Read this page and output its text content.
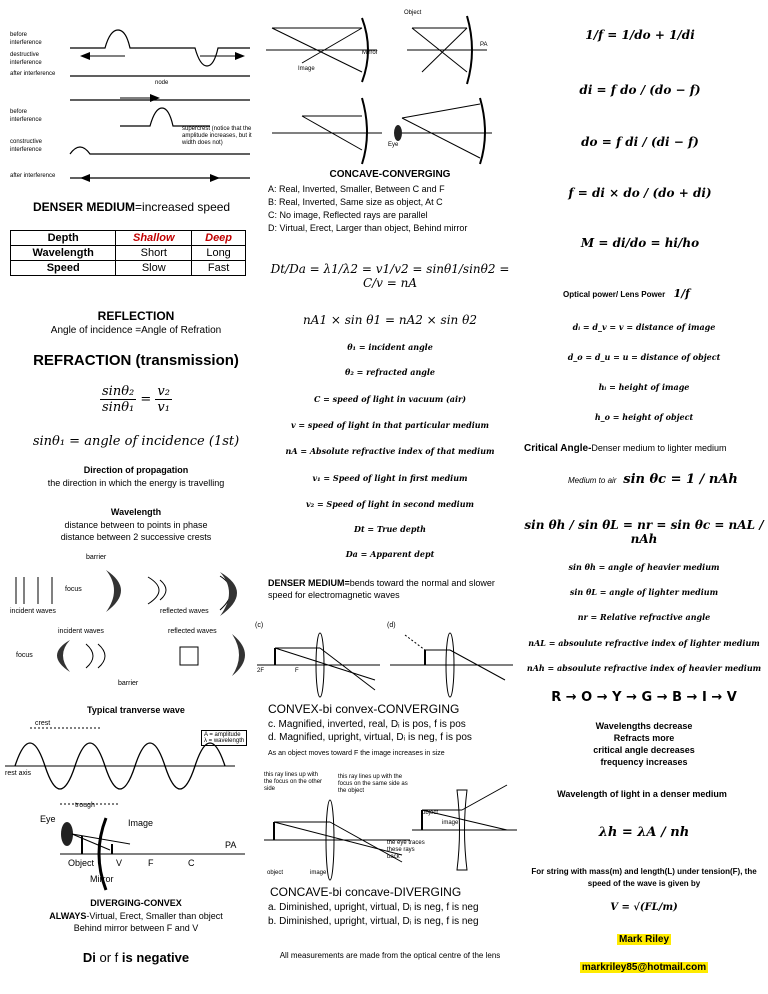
before interference
destructive interference
after interference
before interference
constructive interference
after interference
node
supercrest (notice that the amplitude increases, but it width does not)
DENSER MEDIUM=increased speed
Depth	Shallow	Deep
Wavelength	Short	Long
Speed	Slow	Fast
REFLECTION
Angle of incidence =Angle of Refration
REFRACTION (transmission)
$\frac{\text{sinθ₂}}{\text{sinθ₁}} = \frac{\text{v₂}}{\text{v₁}}$
sinθ₁ = angle of incidence (1st)
Direction of propagation
the direction in which the energy is travelling
Wavelength
distance between to points in phase
distance between 2 successive crests
barrier
focus
incident waves	reflected waves
incident waves	reflected waves
focus
barrier
Typical tranverse wave
crest
trough
rest axis
A = amplitude
λ = wavelength
Eye	Image
Object V	F	C
PA
Mirror
DIVERGING-CONVEX
ALWAYS-Virtual, Erect, Smaller than object
Behind mirror between F and V
Di or f is negative
Image
Object
Mirror
PA
Eye
CONCAVE-CONVERGING
A: Real, Inverted, Smaller, Between C and F
B: Real, Inverted, Same size as object, At C
C: No image, Reflected rays are parallel
D: Virtual, Erect, Larger than object, Behind mirror
Dt/Da = λ1/λ2 = v1/v2 = sinθ1/sinθ2 = C/v = nA
nA1 × sin θ1 = nA2 × sin θ2
θ₁ = incident angle
θ₂ = refracted angle
C = speed of light in vacuum (air)
v = speed of light in that particular medium
nA = Absolute refractive index of that medium
v₁ = Speed of light in first medium
v₂ = Speed of light in second medium
Dt = True depth
Da = Apparent dept
DENSER MEDIUM=bends toward the normal and slower speed for electromagnetic waves
(c)	(d)
2F	F
CONVEX-bi convex-CONVERGING
c. Magnified, inverted, real, Dᵢ is pos, f is pos
d. Magnified, upright, virtual, Dᵢ is neg, f is pos
As an object moves toward F the image increases in size
this ray lines up with the focus on the other side
this ray lines up with the focus on the same side as the object
the eye traces these rays back
object	image
object
image
CONCAVE-bi concave-DIVERGING
a. Diminished, upright, virtual, Dᵢ is neg, f is neg
b. Diminished, upright, virtual, Dᵢ is neg, f is neg
All measurements are made from the optical centre of the lens
1/f = 1/do + 1/di
di = f do / (do − f)
do = f di / (di − f)
f = di × do / (do + di)
M = di/do = hi/ho
Optical power/ Lens Power 1/f
dᵢ = d_v = v = distance of image
d_o = d_u = u = distance of object
hᵢ = height of image
h_o = height of object
Critical Angle-Denser medium to lighter medium
Medium to air sin θc = 1 / nAh
sin θh / sin θL = nr = sin θc = nAL / nAh
sin θh = angle of heavier medium
sin θL = angle of lighter medium
nr = Relative refractive angle
nAL = absoulute refractive index of lighter medium
nAh = absoulute refractive index of heavier medium
R → O → Y → G → B → I → V
Wavelengths decrease
Refracts more
critical angle decreases
frequency increases
Wavelength of light in a denser medium
λh = λA / nh
For string with mass(m) and length(L) under tension(F), the speed of the wave is given by
V = √(FL/m)
Mark Riley
markriley85@hotmail.com
